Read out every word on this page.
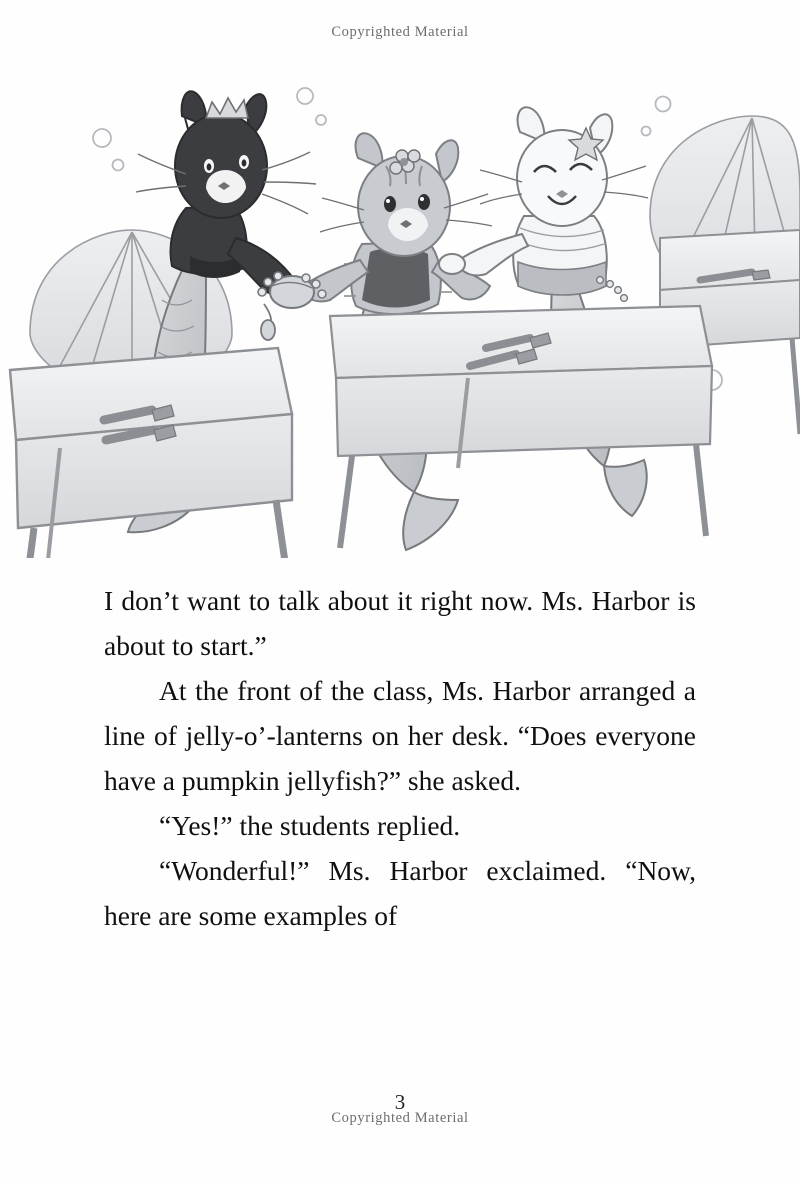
Copyrighted Material

I don’t want to talk about it right now. Ms. Harbor is about to start.”

At the front of the class, Ms. Harbor arranged a line of jelly-o’-lanterns on her desk. “Does everyone have a pumpkin jellyfish?” she asked.

“Yes!” the students replied.

“Wonderful!” Ms. Harbor exclaimed. “Now, here are some examples of

3
Copyrighted Material
